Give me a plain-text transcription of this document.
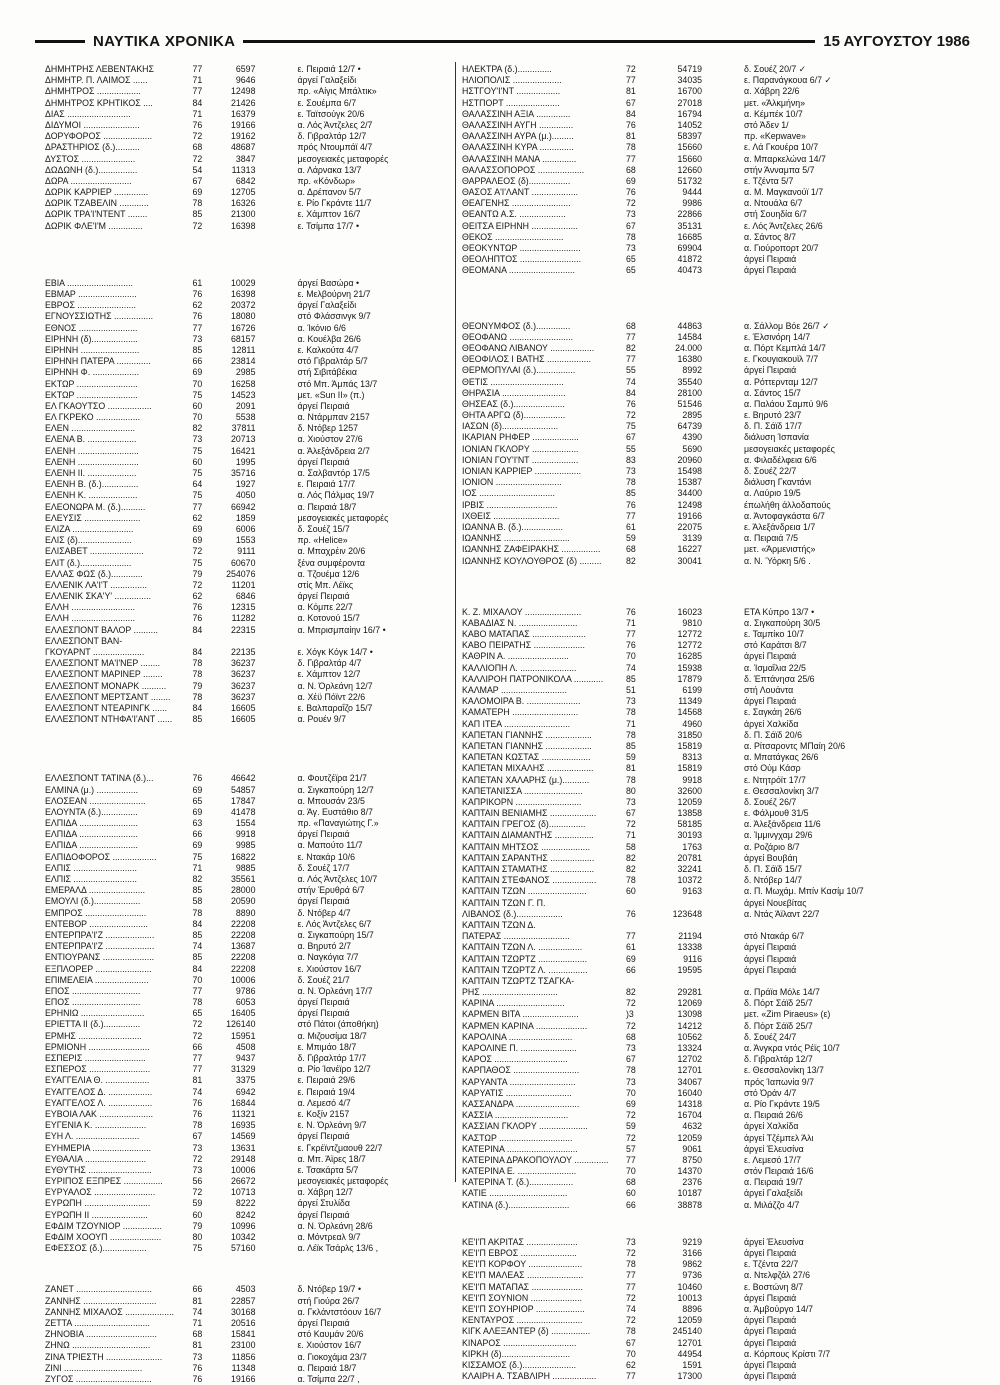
ΝΑΥΤΙΚΑ ΧΡΟΝΙΚΑ	15 ΑΥΓΟΥΣΤΟΥ 1986
ΔΗΜΗΤΡΗΣ ΛΕΒΕΝΤΑΚΗΣ	77	6597	ε. Πειραιά 12/7 •
ΔΗΜΗΤΡ. Π. ΛΑΙΜΟΣ ......	71	9646	άργεί Γαλαξείδι
ΔΗΜΗΤΡΟΣ ..................	77	12498	πρ. «Αίγις Μπάλτικ»
ΔΗΜΗΤΡΟΣ ΚΡΗΤΙΚΟΣ ....	84	21426	ε. Σουέμπα 6/7
ΔΙΑΣ ..........................	71	16379	ε. Ταϊτσούγκ 20/6
ΔΙΔΥΜΟΙ .......................	76	19166	α. Λός Άντζελες 2/7
ΔΟΡΥΦΟΡΟΣ ....................	72	19162	δ. Γιβραλτάρ 12/7
ΔΡΑΣΤΗΡΙΟΣ (δ.)..........	68	48687	πρός Ντουμπάϊ 4/7
ΔΥΣΤΟΣ ......................	72	3847	μεσογειακές μεταφορές
ΔΩΔΩΝΗ (δ.)................	54	11313	α. Λάρνακα 13/7
ΔΩΡΑ .........................	67	6842	πρ. «Κόνδωρ»
ΔΩΡΙΚ ΚΑΡΡΙΕΡ ..............	69	12705	α. Δρέπανον 5/7
ΔΩΡΙΚ ΤΖΑΒΕΛΙΝ ............	78	16326	ε. Ρίο Γκράντε 11/7
ΔΩΡΙΚ ΤΡΑ'Ι'ΝΤΕΝΤ ........	85	21300	ε. Χάμπτον 16/7
ΔΩΡΙΚ ΦΛΕ'Ι'Μ ..............	72	16398	ε. Τσίμπα 17/7 •
ΕΒΙΑ ...........................	61	10029	άργεί Βασώρα •
ΕΒΜΑΡ ........................	76	16398	ε. Μελβούρνη 21/7
ΕΒΡΟΣ ........................	62	20372	άργεί Γαλαξείδι
ΕΓΝΟΥΣΣΙΩΤΗΣ ................	76	18080	στό Φλάσσινγκ 9/7
ΕΘΝΟΣ ........................	77	16726	α. Ίκόνιο 6/6
ΕΙΡΗΝΗ (δ)...................	73	68157	α. Κουέλβα 26/6
ΕΙΡΗΝΗ ........................	85	12811	ε. Καλκούτα 4/7
ΕΙΡΗΝΗ ΠΑΤΕΡΑ ..............	66	23814	στό Γιβραλτάρ 5/7
ΕΙΡΗΝΗ Φ. ...................	69	2985	στή Σιβιτάβέκια
ΕΚΤΩΡ .........................	70	16258	στό Μπ. Άμπάς 13/7
ΕΚΤΩΡ .........................	75	14523	μετ. «Sun II» (π.)
ΕΛ ΓΚΑΟΥΤΣΟ ..................	60	2091	άργεί Πειραιά
ΕΛ ΓΚΡΕΚΟ ..................	70	5538	α. Ντάρμπαν 2157
ΕΛΕΝ ..........................	82	37811	δ. Ντόβερ 1257
ΕΛΕΝΑ Β. ....................	73	20713	α. Χιούστον 27/6
ΕΛΕΝΗ .........................	75	16421	α. Άλεξάνδρεια 2/7
ΕΛΕΝΗ .........................	60	1995	άργεί Πειραιά
ΕΛΕΝΗ ΙΙ. ....................	75	35716	α. Σαλβαντόρ 17/5
ΕΛΕΝΗ Β. (δ.)...............	64	1927	ε. Πειραιά 17/7
ΕΛΕΝΗ Κ. ....................	75	4050	α. Λός Πάλμας 19/7
ΕΛΕΟΝΩΡΑ Μ. (δ.)..........	77	66942	α. Πειραιά 18/7
ΕΛΕΥΣΙΣ .......................	62	1859	μεσογειακές μεταφορές
ΕΛΙΖΑ .........................	69	6006	δ. Σουέζ 15/7
ΕΛΙΣ (δ)......................	69	1553	πρ. «Helice»
ΕΛΙΣΑΒΕΤ ......................	72	9111	α. Μπαχρέιν 20/6
ΕΛΙΤ (δ.).....................	75	60670	ξένα συμφέροντα
ΕΛΛΑΣ ΦΩΣ (δ.).............	79	254076	α. Τζουέμα 12/6
ΕΛΛΕΝΙΚ ΛΑ'Ι'Τ ...............	72	11201	στίς Μπ. Λέϊκς
ΕΛΛΕΝΙΚ ΣΚΑ'Υ' ...............	62	6846	άργεί Πειραιά
ΕΛΛΗ ..........................	76	12315	α. Κόμπε 22/7
ΕΛΛΗ ..........................	76	11282	α. Κοτονού 15/7
ΕΛΛΕΣΠΟΝΤ ΒΑΛΟΡ ..........	84	22315	α. Μπρισμπαίην 16/7 •
ΕΛΛΕΣΠΟΝΤ ΒΑΝ-
ΓΚΟΥΑΡΝΤ .....................	84	22135	ε. Χόγκ Κόγκ 14/7 •
ΕΛΛΕΣΠΟΝΤ ΜΑ'Ι'ΝΕΡ ........	78	36237	δ. Γιβραλτάρ 4/7
ΕΛΛΕΣΠΟΝΤ ΜΑΡΙΝΕΡ ........	78	36237	ε. Χάμπτον 12/7
ΕΛΛΕΣΠΟΝΤ ΜΟΝΑΡΚ ..........	79	36237	α. Ν. Όρλεάνη 12/7
ΕΛΛΕΣΠΟΝΤ ΜΕΡΤΣΑΝΤ ........	78	36237	α. Χέϋ Πόϊντ 22/6
ΕΛΛΕΣΠΟΝΤ ΝΤΕΑΡΙΝΓΚ ......	84	16605	ε. Βαλπαραΐζο 15/7
ΕΛΛΕΣΠΟΝΤ ΝΤΗΦΑ'Ι'ΑΝΤ ......	85	16605	α. Ρουέν 9/7
ΕΛΛΕΣΠΟΝΤ ΤΑΤΙΝΑ (δ.)...	76	46642	α. Φουτζέϊρα 21/7
ΕΛΜΙΝΑ (μ.) .................	69	54857	α. Σιγκαπούρη 12/7
ΕΛΟΣΕΑΝ .......................	65	17847	α. Μπουσάν 23/5
ΕΛΟΥΝΤΑ (δ.)...............	69	41478	α. Άγ. Ευστάθιο 8/7
ΕΛΠΙΔΑ ........................	63	1554	πρ. «Παναγιώτης Γ.»
ΕΛΠΙΔΑ ........................	66	9918	άργεί Πειραιά
ΕΛΠΙΔΑ ........................	69	9985	α. Μαπούτο 11/7
ΕΛΠΙΔΟΦΟΡΟΣ ..................	75	16822	ε. Ντακάρ 10/6
ΕΛΠΙΣ ..........................	71	9885	δ. Σουέζ 17/7
ΕΛΠΙΣ ..........................	82	35561	α. Λός Άντζελες 10/7
ΕΜΕΡΑΛΔ .......................	85	28000	στήν Έρυθρά 6/7
ΕΜΟΥΛΙ (δ.)...................	58	20590	άργεί Πειραιά
ΕΜΠΡΟΣ .........................	78	8890	δ. Ντόβερ 4/7
ΕΝΤΕΒΟΡ ........................	84	22208	ε. Λός Άντζελες 6/7
ΕΝΤΕΡΠΡΑ'Ι'Ζ ....................	85	22208	α. Σιγκαπούρη 15/7
ΕΝΤΕΡΠΡΑ'Ι'Ζ ....................	74	13687	α. Βηρυτό 2/7
ΕΝΤΙΟΥΡΑΝΣ .....................	85	22208	α. Ναγκόγια 7/7
ΕΞΠΛΟΡΕΡ .......................	84	22208	ε. Χιούστον 16/7
ΕΠΙΜΕΛΕΙΑ ......................	70	10006	δ. Σουέζ 21/7
ΕΠΟΣ ............................	77	9786	α. Ν. Όρλεάνη 17/7
ΕΠΟΣ ............................	78	6053	άργεί Πειραιά
ΕΡΗΝΙΩ ..........................	65	16405	άργεί Πειραιά
ΕΡΙΕΤΤΑ ΙΙ (δ.)...............	72	126140	στό Πάτοι (άποθήκη)
ΕΡΜΗΣ ..........................	72	15951	α. Μιζουσίμα 18/7
ΕΡΜΙΟΝΗ .........................	66	4508	ε. Μπιμάο 18/7
ΕΣΠΕΡΙΣ .........................	77	9437	δ. Γιβραλτάρ 17/7
ΕΣΠΕΡΟΣ .........................	77	31329	α. Ρίο Ίανέϊρο 12/7
ΕΥΑΓΓΕΛΙΑ Θ. ..................	81	3375	ε. Πειραιά 29/6
ΕΥΑΓΓΕΛΟΣ Δ. ..................	74	6942	ε. Πειραιά 19/4
ΕΥΑΓΓΕΛΟΣ Λ. ..................	76	16844	α. Λεμεσό 4/7
ΕΥΒΟΙΑ ΛΑΚ ......................	76	11321	ε. Κοξίν 2157
ΕΥΓΕΝΙΑ Κ. .....................	78	16935	ε. Ν. Όρλεάνη 9/7
ΕΥΗ Λ. ..........................	67	14569	άργεί Πειραιά
ΕΥΗΜΕΡΙΑ ........................	73	13631	ε. Γκρέϊντζμαουθ 22/7
ΕΥΘΑΛΙΑ .........................	72	29148	α. Μπ. Άϊρες 18/7
ΕΥΘΥΤΗΣ ..........................	73	10006	ε. Τσακάρτα 5/7
ΕΥΡΙΠΟΣ ΕΞΠΡΕΣ ................	56	26672	μεσογειακές μεταφορές
ΕΥΡΥΑΛΟΣ .........................	72	10713	α. Χάβρη 12/7
ΕΥΡΩΠΗ ...........................	59	8222	άργεί Στυλίδα
ΕΥΡΩΠΗ ΙΙ .......................	60	8242	άργεί Πειραιά
ΕΦΔΙΜ ΤΖΟΥΝΙΟΡ ................	79	10996	α. Ν. Όρλεάνη 28/6
ΕΦΔΙΜ ΧΟΟΥΠ .....................	80	10342	α. Μόντρεαλ 9/7
ΕΦΕΣΣΟΣ (δ.)..................	75	57160	α. Λέϊκ Τσάρλς 13/6 ,
ΖΑΝΕΤ ...............................	66	4503	δ. Ντόβερ 19/7 •
ΖΑΝΝΗΣ ..............................	81	22857	στή Γιούρα 26/7
ΖΑΝΝΗΣ ΜΙΧΑΛΟΣ ....................	74	30168	α. Γκλάντστόουν 16/7
ΖΕΤΤΑ ...............................	71	20516	άργεί Πειραιά
ΖΗΝΟΒΙΑ .............................	68	15841	στό Καυμάν 20/6
ΖΗΝΩ ................................	81	23100	ε. Χιούστον 16/7
ΖΙΝΑ ΤΡΙΕΣΤΗ .......................	73	11856	α. Γιοκοχάμα 23/7
ΖΙΝΙ ................................	76	11348	α. Πειραιά 18/7
ΖΥΓΟΣ ...............................	76	19166	α. Τσίμπα 22/7 ,
ΗΛΕΚΤΡΑ (δ.)..............	72	54719	δ. Σουέζ 20/7 ✓
ΗΛΙΟΠΟΛΙΣ ....................	77	34035	ε. Παρανάγκουα 6/7 ✓
ΗΣΤΓΟΥ'Ι'ΝΤ ..................	81	16700	α. Χάβρη 22/6
ΗΣΤΠΟΡΤ ......................	67	27018	μετ. «Άλκμήνη»
ΘΑΛΑΣΣΙΝΗ ΑΞΙΑ ..............	84	16794	α. Κέμπέκ 10/7
ΘΑΛΑΣΣΙΝΗ ΑΥΓΗ ..............	76	14052	στό Άδεν 1/
ΘΑΛΑΣΣΙΝΗ ΑΥΡΑ (μ.).........	81	58397	πρ. «Kepwave»
ΘΑΛΑΣΣΙΝΗ ΚΥΡΑ ..............	78	15660	ε. Λά Γκουέρα 10/7
ΘΑΛΑΣΣΙΝΗ ΜΑΝΑ ..............	77	15660	α. Μπαρκελώνα 14/7
ΘΑΛΑΣΣΟΠΟΡΟΣ ...................	68	12660	στήν Άνναμπα 5/7
ΘΑΡΡΑΛΕΟΣ (δ).................	69	51732	ε. Τζέντα 5/7
ΘΑΣΟΣ Α'Ι'ΛΑΝΤ ...................	76	9444	α. Μ. Μαγκανούϊ 1/7
ΘΕΑΓΕΝΗΣ ........................	72	9986	α. Ντουάλα 6/7
ΘΕΑΝΤΩ Α.Σ. ...................	73	22866	στή Σουηδία 6/7
ΘΕΙΤΣΑ ΕΙΡΗΝΗ ...................	67	35131	ε. Λός Άντζελες 26/6
ΘΕΚΟΣ ............................	78	16685	α. Σάντος 8/7
ΘΕΟΚΥΝΤΩΡ .........................	73	69904	α. Γιούροπορτ 20/7
ΘΕΟΛΗΠΤΟΣ .........................	65	41872	άργεί Πειραιά
ΘΕΟΜΑΝΑ ...........................	65	40473	άργεί Πειραιά
ΘΕΟΝΥΜΦΟΣ (δ.)..............	68	44863	α. Σάλλομ Βόε 26/7 ✓
ΘΕΟΦΑΝΩ ..........................	77	14584	ε. Έλσινόρη 14/7
ΘΕΟΦΑΝΩ ΛΙΒΑΝΟΥ ..................	82	24.000	α. Πόρτ Κεμπλά 14/7
ΘΕΟΦΙΛΟΣ Ι ΒΑΤΗΣ ..................	77	16380	ε. Γκουγιακουϊλ 7/7
ΘΕΡΜΟΠΥΛΑΙ (δ.)................	55	8992	άργεί Πειραιά
ΘΕΤΙΣ ..............................	74	35540	α. Ρόττερνταμ 12/7
ΘΗΡΑΣΙΑ ..........................	84	28100	α. Σάντος 15/7
ΘΗΣΕΑΣ (δ.).....................	76	51546	α. Παλάου Σαμπύ 9/6
ΘΗΤΑ ΑΡΓΩ (δ).................	72	2895	ε. Βηρυτό 23/7
ΙΑΣΩΝ (δ).......................	75	64739	δ. Π. Σάϊδ 17/7
ΙΚΑΡΙΑΝ ΡΗΦΕΡ ...................	67	4390	διάλυση Ίσπανία
ΙΟΝΙΑΝ ΓΚΛΟΡΥ ...................	55	5690	μεσογειακές μεταφορές
ΙΟΝΙΑΝ ΓΟΥ'Ι'ΝΤ ...................	83	20960	α. Φιλαδέλφεια 6/6
ΙΟΝΙΑΝ ΚΑΡΡΙΕΡ ...................	73	15498	δ. Σουέζ 22/7
ΙΟΝΙΟΝ ...........................	78	15387	διάλυση Γκαντάνι
ΙΟΣ ...............................	85	34400	α. Λαύριο 19/5
ΙΡΒΙΣ .............................	76	12498	έπωλήθη άλλοδαπούς
ΙΧΘΕΙΣ ...........................	77	19166	α. Άντοφαγκάστα 6/7
ΙΩΑΝΝΑ Β. (δ.).................	61	22075	ε. Άλεξάνδρεια 1/7
ΙΩΑΝΝΗΣ ...........................	59	3139	α. Πειραιά 7/5
ΙΩΑΝΝΗΣ ΖΑΦΕΙΡΑΚΗΣ ................	68	16227	μετ. «Άρμενιστής»
ΙΩΑΝΝΗΣ ΚΟΥΛΟΥΘΡΟΣ (δ) .........	82	30041	α. Ν. Ύόρκη 5/6 .
Κ. Ζ. ΜΙΧΑΛΟΥ .......................	76	16023	ΕΤΑ Κύπρο 13/7 •
ΚΑΒΑΔΙΑΣ Ν. ........................	71	9810	α. Σιγκαπούρη 30/5
ΚΑΒΟ ΜΑΤΑΠΑΣ ......................	77	12772	ε. Ταμπίκο 10/7
ΚΑΒΟ ΠΕΙΡΑΤΗΣ .....................	76	12772	στό Καράτσι 8/7
ΚΑΘΡΙΝ Α. .........................	70	16285	άργεί Πειραιά
ΚΑΛΛΙΟΠΗ Λ. .......................	74	15938	α. Ίσμαΐλια 22/5
ΚΑΛΛΙΡΟΗ ΠΑΤΡΟΝΙΚΟΛΑ ............	85	17879	δ. Έπτάνησα 25/6
ΚΑΛΜΑΡ ...........................	51	6199	στή Λουάντα
ΚΑΛΟΜΟΙΡΑ Β. ......................	73	11349	άργεί Πειραιά
ΚΑΜΑΤΕΡΗ ...........................	78	14568	ε. Σαγκάη 26/6
ΚΑΠ ΙΤΕΑ ...........................	71	4960	άργεί Χαλκίδα
ΚΑΠΕΤΑΝ ΓΙΑΝΝΗΣ ...................	78	31850	δ. Π. Σάϊδ 20/6
ΚΑΠΕΤΑΝ ΓΙΑΝΝΗΣ ...................	85	15819	α. Ρίτσαροντς ΜΠαίη 20/6
ΚΑΠΕΤΑΝ ΚΩΣΤΑΣ ....................	59	8313	α. Μπατάγκας 26/6
ΚΑΠΕΤΑΝ ΜΙΧΑΛΗΣ ...................	81	15819	στό Ούμ Κάσρ
ΚΑΠΕΤΑΝ ΧΑΛΑΡΗΣ (μ.)...........	78	9918	ε. Ντητρόϊτ 17/7
ΚΑΠΕΤΑΝΙΣΣΑ ........................	80	32600	ε. Θεσσαλονίκη 3/7
ΚΑΠΡΙΚΟΡΝ ...........................	73	12059	δ. Σουέζ 26/7
ΚΑΠΤΑΙΝ ΒΕΝΙΑΜΗΣ ...................	67	13858	ε. Φάλμουθ 31/5
ΚΑΠΤΑΙΝ ΓΡΕΓΟΣ (δ)...............	72	58185	α. Άλεξάνδρεια 11/6
ΚΑΠΤΑΙΝ ΔΙΑΜΑΝΤΗΣ ................	71	30193	α. Ίμμινγχαμ 29/6
ΚΑΠΤΑΙΝ ΜΗΤΣΟΣ ....................	58	1763	α. Ροζάριο 8/7
ΚΑΠΤΑΙΝ ΣΑΡΑΝΤΗΣ ..................	82	20781	άργεί Βουβάη
ΚΑΠΤΑΙΝ ΣΤΑΜΑΤΗΣ ..................	82	32241	δ. Π. Σάϊδ 15/7
ΚΑΠΤΑΙΝ ΣΤΕΦΑΝΟΣ ..................	78	10372	δ. Ντόβερ 14/7
ΚΑΠΤΑΙΝ ΤΖΩΝ ........................	60	9163	α. Π. Μωχάμ. Μπίν Κασίμ 10/7
ΚΑΠΤΑΙΝ ΤΖΩΝ Γ. Π.	άργεί Νουεβίτας
ΛΙΒΑΝΟΣ (δ.)...................	76	123648	α. Ντάς Άϊλαντ 22/7
ΚΑΠΤΑΙΝ ΤΖΩΝ Δ.
ΠΑΤΕΡΑΣ ...........................	77	21194	στό Ντακάρ 6/7
ΚΑΠΤΑΙΝ ΤΖΩΝ Λ. ..................	61	13338	άργεί Πειραιά
ΚΑΠΤΑΙΝ ΤΖΩΡΤΖ ....................	69	9116	άργεί Πειραιά
ΚΑΠΤΑΙΝ ΤΖΩΡΤΖ Λ. ................	66	19595	άργεί Πειραιά
ΚΑΠΤΑΙΝ ΤΖΩΡΤΖ ΤΣΑΓΚΑ-
ΡΗΣ ...............................	82	29281	α. Πράϊα Μόλε 14/7
ΚΑΡΙΝΑ ............................	72	12069	δ. Πόρτ Σάϊδ 25/7
ΚΑΡΜΕΝ ΒΙΤΑ .......................	)3	13098	μετ. «Zim Piraeus» (ε)
ΚΑΡΜΕΝ ΚΑΡΙΝΑ .....................	72	14212	δ. Πόρτ Σάϊδ 25/7
ΚΑΡΟΛΙΝΑ ..........................	68	10562	δ. Σουέζ 24/7
ΚΑΡΟΛΙΝΕ Π. .......................	73	13324	α. Άνγκρα ντός Ρέϊς 10/7
ΚΑΡΟΣ ..............................	67	12702	δ. Γιβραλτάρ 12/7
ΚΑΡΠΑΘΟΣ ...........................	78	12701	ε. Θεσσαλονίκη 13/7
ΚΑΡΥΑΝΤΑ ...........................	73	34067	πρός Ίαπωνία 9/7
ΚΑΡΥΑΤΙΣ ...........................	70	16040	στό Όράν 4/7
ΚΑΣΣΑΝΔΡΑ ..........................	69	14318	α. Ρίο Γκράντε 19/5
ΚΑΣΣΙΑ ..............................	72	16704	α. Πειραιά 26/6
ΚΑΣΣΙΑΝ ΓΚΛΟΡΥ ....................	59	4632	άργεί Χαλκίδα
ΚΑΣΤΩΡ ..............................	72	12059	άργεί Τζέμπελ Άλι
ΚΑΤΕΡΙΝΑ .............................	57	9061	άργεί Έλευσίνα
ΚΑΤΕΡΙΝΑ ΔΡΑΚΟΠΟΥΛΟΥ ..............	77	8750	ε. Λεμεσό 17/7
ΚΑΤΕΡΙΝΑ Ε. ........................	70	14370	στόν Πειραιά 16/6
ΚΑΤΕΡΙΝΑ Τ. (δ.)..................	68	2376	α. Πειραιά 19/7
ΚΑΤΙΕ ................................	60	10187	άργεί Γαλαξείδι
ΚΑΤΙΝΑ (δ.).........................	66	38878	α. Μιλάζζο 4/7
ΚΕ'Ι'Π ΑΚΡΙΤΑΣ .....................	73	9219	άργεί Έλευσίνα
ΚΕ'Ι'Π ΕΒΡΟΣ .......................	72	3166	άργεί Πειραιά
ΚΕ'Ι'Π ΚΟΡΦΟΥ ......................	78	9862	ε. Τζέντα 22/7
ΚΕ'Ι'Π ΜΑΛΕΑΣ .......................	77	9736	α. Ντελφζάλ 27/6
ΚΕ'Ι'Π ΜΑΤΑΠΑΣ .....................	77	10460	ε. Βοστώνη 8/7
ΚΕ'Ι'Π ΣΟΥΝΙΟΝ .....................	72	10013	άργεί Πειραιά
ΚΕ'Ι'Π ΣΟΥΗΡΙΟΡ ....................	74	8896	α. Άμβούργο 14/7
ΚΕΝΤΑΥΡΟΣ ...........................	72	12059	άργεί Πειραιά
ΚΙΓΚ ΑΛΕΞΑΝΤΕΡ (δ) ................	78	245140	άργεί Πειραιά
ΚΙΝΑΡΟΣ ..............................	67	12701	άργεί Πειραιά
ΚΙΡΚΗ (δ)............................	70	44954	α. Κόρπους Κρίστι 7/7
ΚΙΣΣΑΜΟΣ (δ.)......................	62	1591	άργεί Πειραιά
ΚΛΑΙΡΗ Α. ΤΣΑΒΛΙΡΗ ..................	77	17300	άργεί Πειραιά
